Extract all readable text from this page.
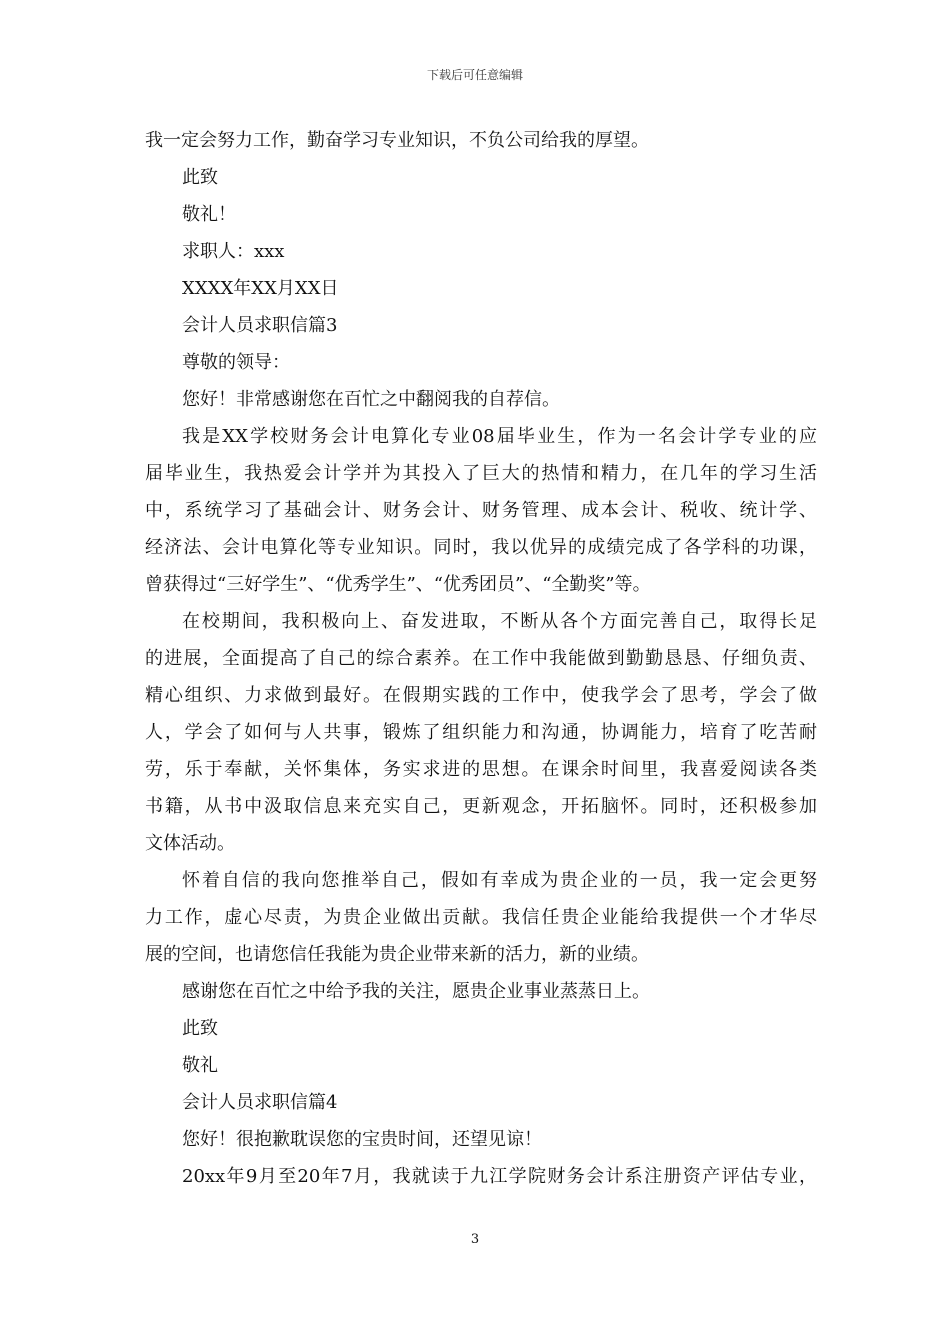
下载后可任意编辑
我一定会努力工作，勤奋学习专业知识，不负公司给我的厚望。
此致
敬礼！
求职人：xxx
XXXX年XX月XX日
会计人员求职信篇3
尊敬的领导：
您好！非常感谢您在百忙之中翻阅我的自荐信。
我是XX学校财务会计电算化专业08届毕业生，作为一名会计学专业的应
届毕业生，我热爱会计学并为其投入了巨大的热情和精力，在几年的学习生活
中，系统学习了基础会计、财务会计、财务管理、成本会计、税收、统计学、
经济法、会计电算化等专业知识。同时，我以优异的成绩完成了各学科的功课，
曾获得过“三好学生”、“优秀学生”、“优秀团员”、“全勤奖”等。
在校期间，我积极向上、奋发进取，不断从各个方面完善自己，取得长足
的进展，全面提高了自己的综合素养。在工作中我能做到勤勤恳恳、仔细负责、
精心组织、力求做到最好。在假期实践的工作中，使我学会了思考，学会了做
人，学会了如何与人共事，锻炼了组织能力和沟通，协调能力，培育了吃苦耐
劳，乐于奉献，关怀集体，务实求进的思想。在课余时间里，我喜爱阅读各类
书籍，从书中汲取信息来充实自己，更新观念，开拓脑怀。同时，还积极参加
文体活动。
怀着自信的我向您推举自己，假如有幸成为贵企业的一员，我一定会更努
力工作，虚心尽责，为贵企业做出贡献。我信任贵企业能给我提供一个才华尽
展的空间，也请您信任我能为贵企业带来新的活力，新的业绩。
感谢您在百忙之中给予我的关注，愿贵企业事业蒸蒸日上。
此致
敬礼
会计人员求职信篇4
您好！很抱歉耽误您的宝贵时间，还望见谅！
20xx年9月至20年7月，我就读于九江学院财务会计系注册资产评估专业，
3
